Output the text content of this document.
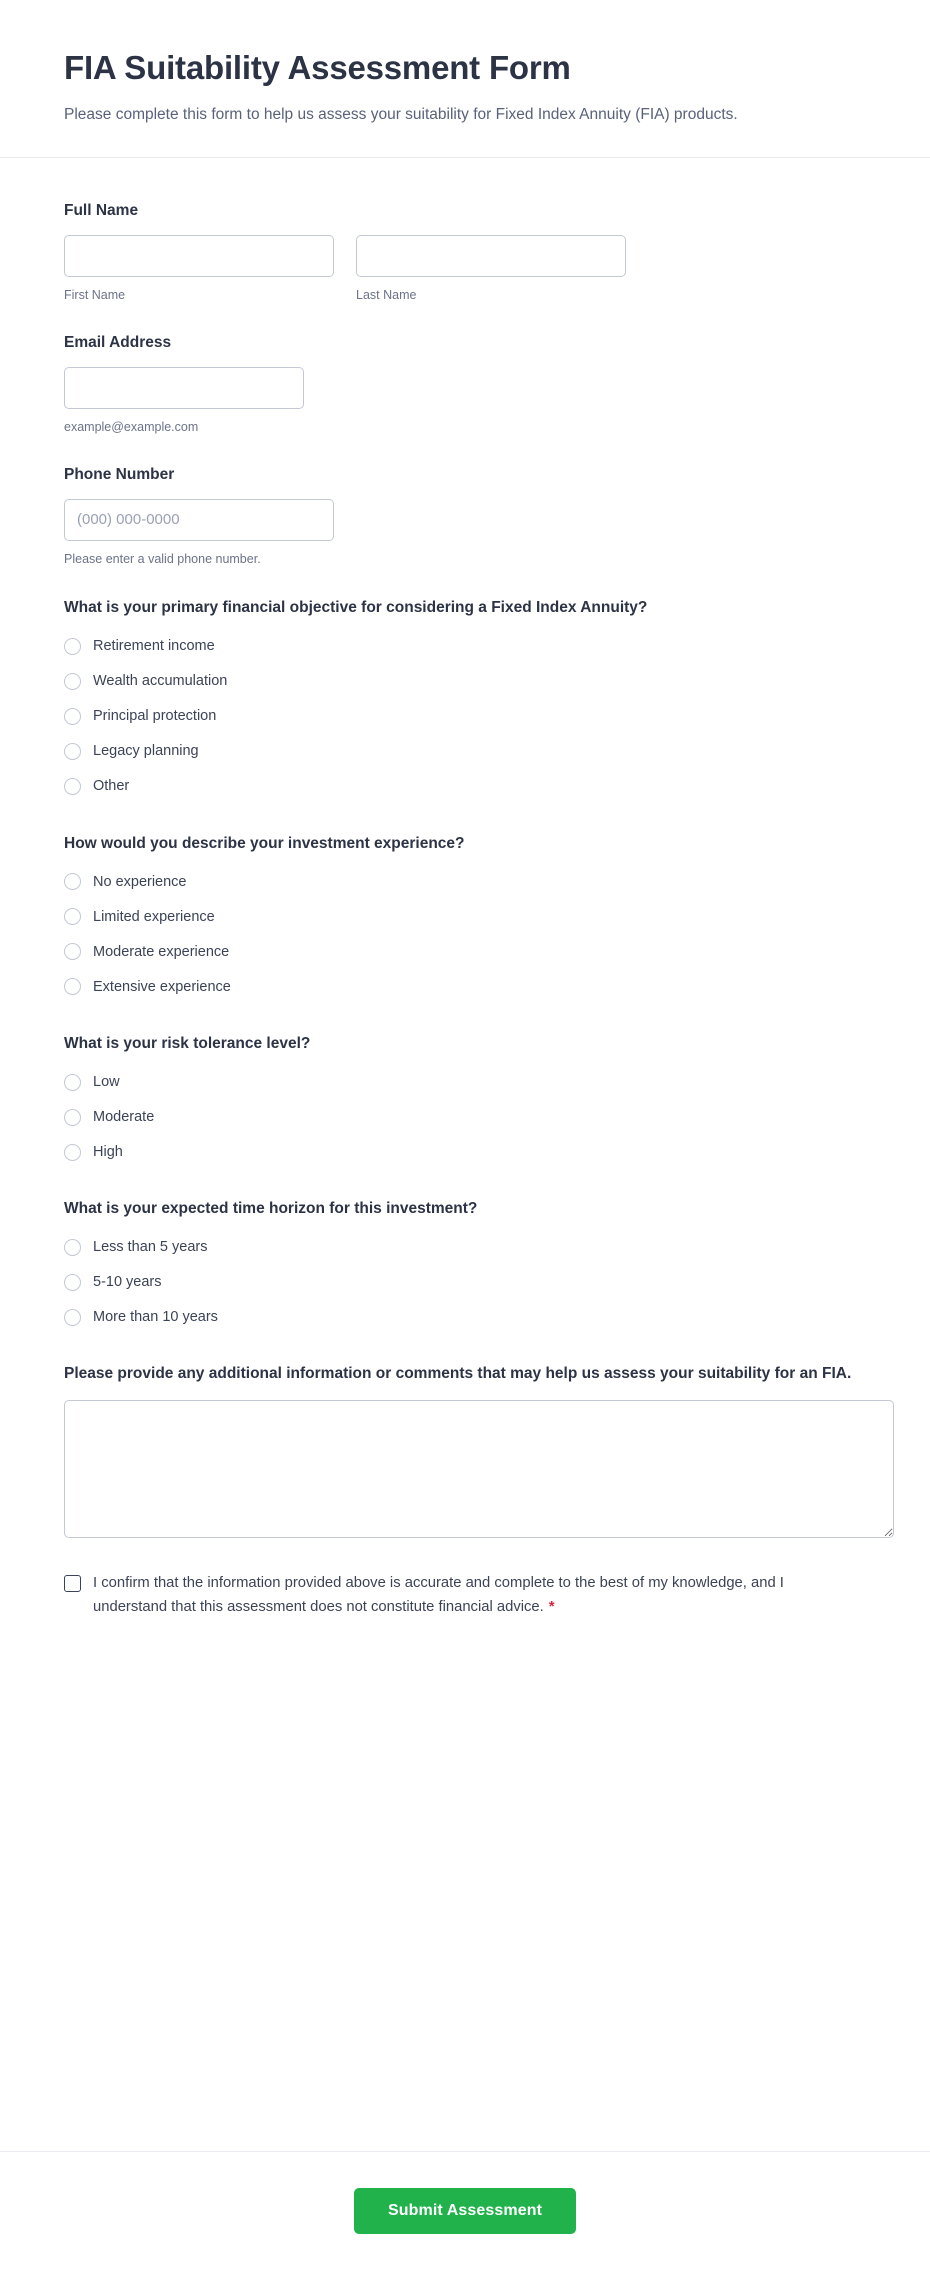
FIA Suitability Assessment Form

Please complete this form to help us assess your suitability for Fixed Index Annuity (FIA) products.

Full Name
First Name	Last Name
Email Address
example@example.com
Phone Number
(000) 000-0000
Please enter a valid phone number.
What is your primary financial objective for considering a Fixed Index Annuity?
Retirement income
Wealth accumulation
Principal protection
Legacy planning
Other
How would you describe your investment experience?
No experience
Limited experience
Moderate experience
Extensive experience
What is your risk tolerance level?
Low
Moderate
High
What is your expected time horizon for this investment?
Less than 5 years
5-10 years
More than 10 years
Please provide any additional information or comments that may help us assess your suitability for an FIA.
I confirm that the information provided above is accurate and complete to the best of my knowledge, and I understand that this assessment does not constitute financial advice. *
Submit Assessment
